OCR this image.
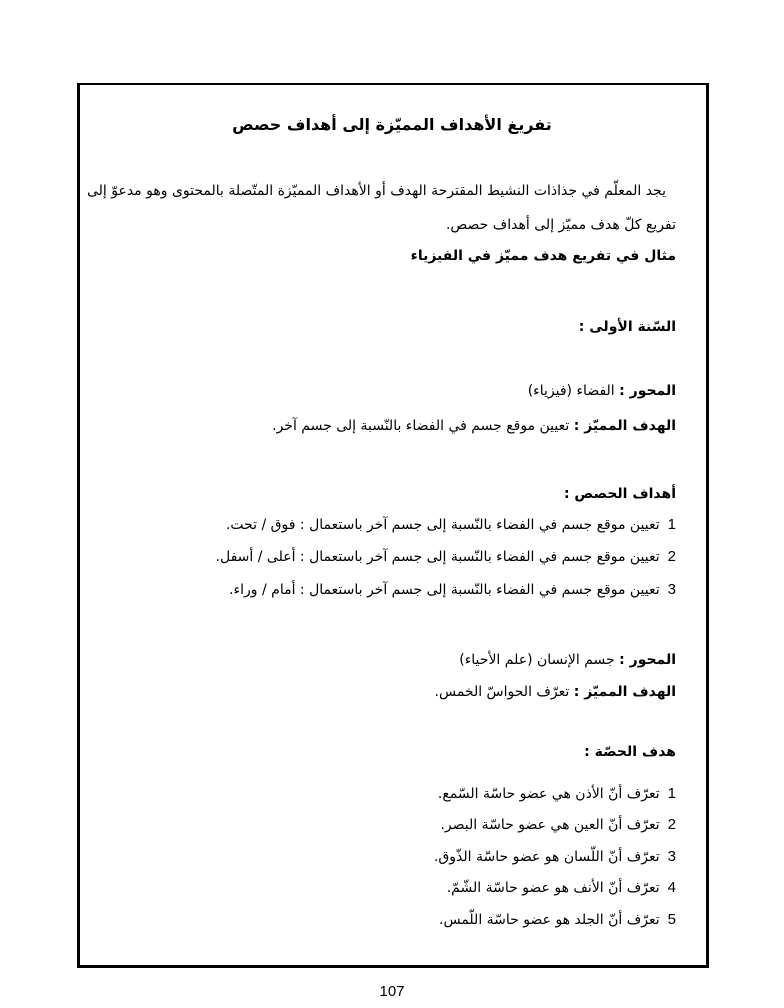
تفريغ الأهداف المميّزة إلى أهداف حصص
يجد المعلّم في جذاذات النشيط المقترحة الهدف أو الأهداف المميّزة المتّصلة بالمحتوى وهو مدعوّ إلى
تفريع كلّ هدف مميّز إلى أهداف حصص.
مثال في تفريع هدف مميّز في الفيزياء
السّنة الأولى :
المحور : الفضاء (فيزياء)
الهدف المميّز : تعيين موقع جسم في الفضاء بالنّسبة إلى جسم آخر.
أهداف الحصص :
1تعيين موقع جسم في الفضاء بالنّسبة إلى جسم آخر باستعمال : فوق / تحت.
2تعيين موقع جسم في الفضاء بالنّسبة إلى جسم آخر باستعمال : أعلى / أسفل.
3تعيين موقع جسم في الفضاء بالنّسبة إلى جسم آخر باستعمال : أمام / وراء.
المحور : جسم الإنسان (علم الأحياء)
الهدف المميّز : تعرّف الحواسّ الخمس.
هدف الحصّة :
1تعرّف أنّ الأذن هي عضو حاسّة السّمع.
2تعرّف أنّ العين هي عضو حاسّة البصر.
3تعرّف أنّ اللّسان هو عضو حاسّة الذّوق.
4تعرّف أنّ الأنف هو عضو حاسّة الشّمّ.
5تعرّف أنّ الجلد هو عضو حاسّة اللّمس.
107
